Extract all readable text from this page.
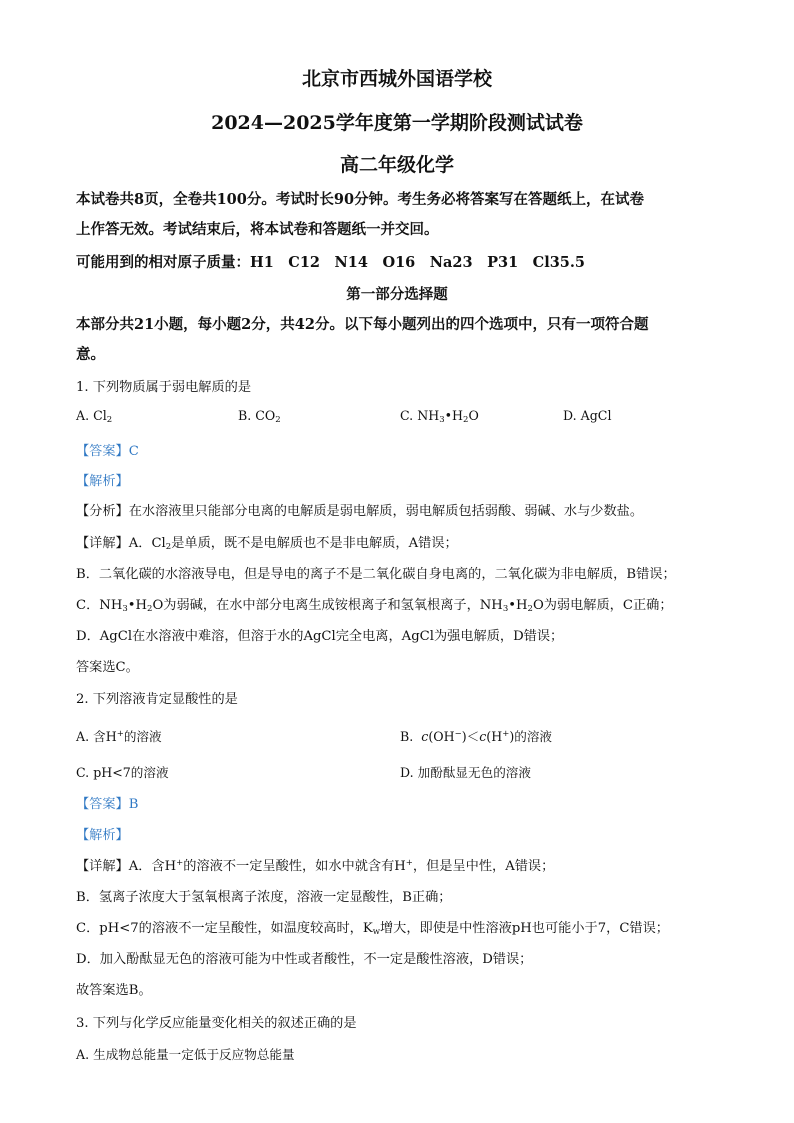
北京市西城外国语学校
2024—2025学年度第一学期阶段测试试卷
高二年级化学
本试卷共8页，全卷共100分。考试时长90分钟。考生务必将答案写在答题纸上，在试卷
上作答无效。考试结束后，将本试卷和答题纸一并交回。
可能用到的相对原子质量：H1　C12　N14　O16　Na23　P31　Cl35.5
第一部分选择题
本部分共21小题，每小题2分，共42分。以下每小题列出的四个选项中，只有一项符合题
意。
1. 下列物质属于弱电解质的是
A. $Cl_2$	B. $CO_2$	C. $NH_3•H_2O$	D. AgCl
【答案】C
【解析】
【分析】在水溶液里只能部分电离的电解质是弱电解质，弱电解质包括弱酸、弱碱、水与少数盐。
【详解】A．$Cl_2$是单质，既不是电解质也不是非电解质，A错误；
B．二氧化碳的水溶液导电，但是导电的离子不是二氧化碳自身电离的，二氧化碳为非电解质，B错误；
C．$NH_3•H_2O$为弱碱，在水中部分电离生成铵根离子和氢氧根离子，$NH_3•H_2O$为弱电解质，C正确；
D．AgCl在水溶液中难溶，但溶于水的AgCl完全电离，AgCl为强电解质，D错误；
答案选C。
2. 下列溶液肯定显酸性的是
A. 含H+的溶液	B. c(OH−)＜c(H+)的溶液
C. pH<7的溶液	D. 加酚酞显无色的溶液
【答案】B
【解析】
【详解】A．含H+的溶液不一定呈酸性，如水中就含有H+，但是呈中性，A错误；
B．氢离子浓度大于氢氧根离子浓度，溶液一定显酸性，B正确；
C．pH<7的溶液不一定呈酸性，如温度较高时，$K_w$增大，即使是中性溶液pH也可能小于7，C错误；
D．加入酚酞显无色的溶液可能为中性或者酸性，不一定是酸性溶液，D错误；
故答案选B。
3. 下列与化学反应能量变化相关的叙述正确的是
A. 生成物总能量一定低于反应物总能量
